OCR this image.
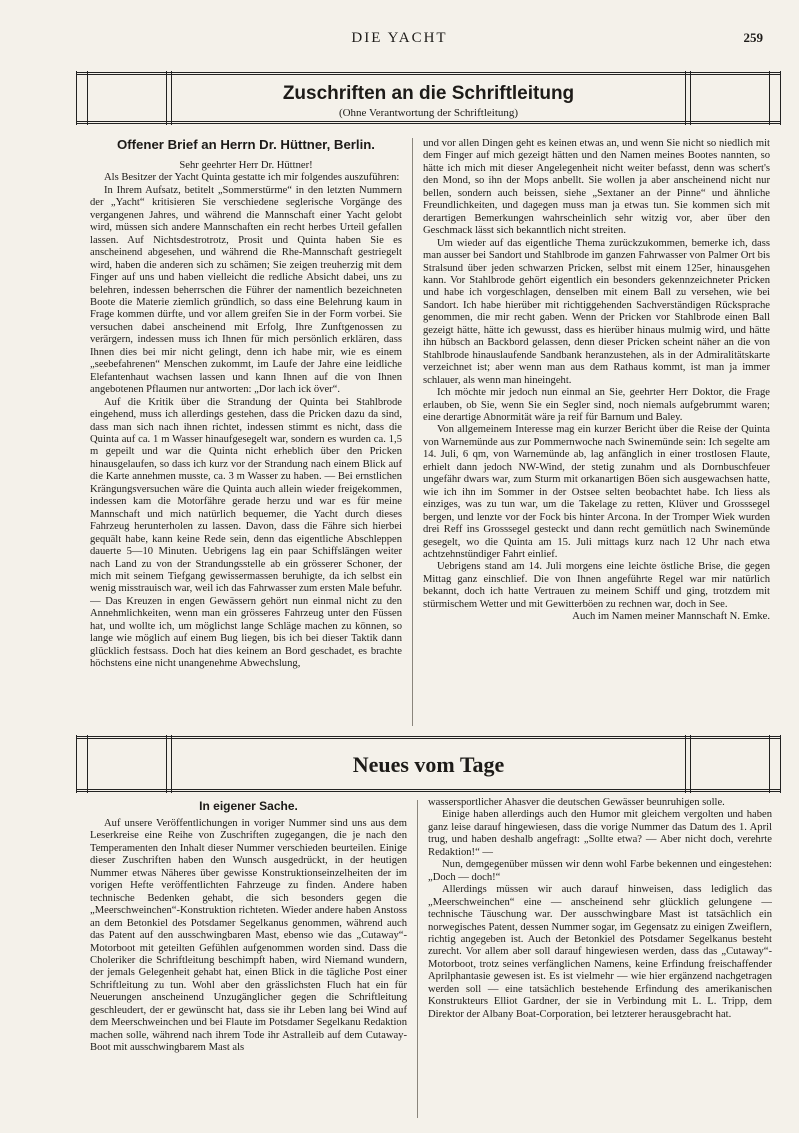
DIE YACHT	259
Zuschriften an die Schriftleitung
(Ohne Verantwortung der Schriftleitung)
Offener Brief an Herrn Dr. Hüttner, Berlin.

Sehr geehrter Herr Dr. Hüttner!

Als Besitzer der Yacht Quinta gestatte ich mir folgendes auszuführen:

In Ihrem Aufsatz, betitelt „Sommerstürme“ in den letzten Nummern der „Yacht“ kritisieren Sie verschiedene seglerische Vorgänge des vergangenen Jahres, und während die Mannschaft einer Yacht gelobt wird, müssen sich andere Mannschaften ein recht herbes Urteil gefallen lassen. Auf Nichtsdestrotrotz, Prosit und Quinta haben Sie es anscheinend abgesehen, und während die Rhe-Mannschaft gestriegelt wird, haben die anderen sich zu schämen; Sie zeigen treuherzig mit dem Finger auf uns und haben vielleicht die redliche Absicht dabei, uns zu belehren, indessen beherrschen die Führer der namentlich bezeichneten Boote die Materie ziemlich gründlich, so dass eine Belehrung kaum in Frage kommen dürfte, und vor allem greifen Sie in der Form vorbei. Sie versuchen dabei anscheinend mit Erfolg, Ihre Zunftgenossen zu verärgern, indessen muss ich Ihnen für mich persönlich erklären, dass Ihnen dies bei mir nicht gelingt, denn ich habe mir, wie es einem „seebefahrenen“ Menschen zukommt, im Laufe der Jahre eine leidliche Elefantenhaut wachsen lassen und kann Ihnen auf die von Ihnen angebotenen Pflaumen nur antworten: „Dor lach ick över“.

Auf die Kritik über die Strandung der Quinta bei Stahlbrode eingehend, muss ich allerdings gestehen, dass die Pricken dazu da sind, dass man sich nach ihnen richtet, indessen stimmt es nicht, dass die Quinta auf ca. 1 m Wasser hinaufgesegelt war, sondern es wurden ca. 1,5 m gepeilt und war die Quinta nicht erheblich über den Pricken hinausgelaufen, so dass ich kurz vor der Strandung nach einem Blick auf die Karte annehmen musste, ca. 3 m Wasser zu haben. — Bei ernstlichen Krängungsversuchen wäre die Quinta auch allein wieder freigekommen, indessen kam die Motorfähre gerade herzu und war es für meine Mannschaft und mich natürlich bequemer, die Yacht durch dieses Fahrzeug herunterholen zu lassen. Davon, dass die Fähre sich hierbei gequält habe, kann keine Rede sein, denn das eigentliche Abschleppen dauerte 5—10 Minuten. Uebrigens lag ein paar Schiffslängen weiter nach Land zu von der Strandungsstelle ab ein grösserer Schoner, der mich mit seinem Tiefgang gewissermassen beruhigte, da ich selbst ein wenig misstrauisch war, weil ich das Fahrwasser zum ersten Male befuhr. — Das Kreuzen in engen Gewässern gehört nun einmal nicht zu den Annehmlichkeiten, wenn man ein grösseres Fahrzeug unter den Füssen hat, und wollte ich, um möglichst lange Schläge machen zu können, so lange wie möglich auf einem Bug liegen, bis ich bei dieser Taktik dann glücklich festsass. Doch hat dies keinem an Bord geschadet, es brachte höchstens eine nicht unangenehme Abwechslung,

und vor allen Dingen geht es keinen etwas an, und wenn Sie nicht so niedlich mit dem Finger auf mich gezeigt hätten und den Namen meines Bootes nannten, so hätte ich mich mit dieser Angelegenheit nicht weiter befasst, denn was schert's den Mond, so ihn der Mops anbellt. Sie wollen ja aber anscheinend nicht nur bellen, sondern auch beissen, siehe „Sextaner an der Pinne“ und ähnliche Freundlichkeiten, und dagegen muss man ja etwas tun. Sie kommen sich mit derartigen Bemerkungen wahrscheinlich sehr witzig vor, aber über den Geschmack lässt sich bekanntlich nicht streiten.

Um wieder auf das eigentliche Thema zurückzukommen, bemerke ich, dass man ausser bei Sandort und Stahlbrode im ganzen Fahrwasser von Palmer Ort bis Stralsund über jeden schwarzen Pricken, selbst mit einem 125er, hinausgehen kann. Vor Stahlbrode gehört eigentlich ein besonders gekennzeichneter Pricken und habe ich vorgeschlagen, denselben mit einem Ball zu versehen, wie bei Sandort. Ich habe hierüber mit richtiggehenden Sachverständigen Rücksprache genommen, die mir recht gaben. Wenn der Pricken vor Stahlbrode einen Ball gezeigt hätte, hätte ich gewusst, dass es hierüber hinaus mulmig wird, und hätte ihn hübsch an Backbord gelassen, denn dieser Pricken scheint näher an die von Stahlbrode hinauslaufende Sandbank heranzustehen, als in der Admiralitätskarte verzeichnet ist; aber wenn man aus dem Rathaus kommt, ist man ja immer schlauer, als wenn man hineingeht.

Ich möchte mir jedoch nun einmal an Sie, geehrter Herr Doktor, die Frage erlauben, ob Sie, wenn Sie ein Segler sind, noch niemals aufgebrummt waren; eine derartige Abnormität wäre ja reif für Barnum und Baley.

Von allgemeinem Interesse mag ein kurzer Bericht über die Reise der Quinta von Warnemünde aus zur Pommernwoche nach Swinemünde sein: Ich segelte am 14. Juli, 6 qm, von Warnemünde ab, lag anfänglich in einer trostlosen Flaute, erhielt dann jedoch NW-Wind, der stetig zunahm und als Dornbuschfeuer ungefähr dwars war, zum Sturm mit orkanartigen Böen sich ausgewachsen hatte, wie ich ihn im Sommer in der Ostsee selten beobachtet habe. Ich liess als einziges, was zu tun war, um die Takelage zu retten, Klüver und Grosssegel bergen, und lenzte vor der Fock bis hinter Arcona. In der Tromper Wiek wurden drei Reff ins Grosssegel gesteckt und dann recht gemütlich nach Swinemünde gesegelt, wo die Quinta am 15. Juli mittags kurz nach 12 Uhr nach etwa achtzehnstündiger Fahrt einlief.

Uebrigens stand am 14. Juli morgens eine leichte östliche Brise, die gegen Mittag ganz einschlief. Die von Ihnen angeführte Regel war mir natürlich bekannt, doch ich hatte Vertrauen zu meinem Schiff und ging, trotzdem mit stürmischem Wetter und mit Gewitterböen zu rechnen war, doch in See.

Auch im Namen meiner Mannschaft N. Emke.

Neues vom Tage
In eigener Sache.

Auf unsere Veröffentlichungen in voriger Nummer sind uns aus dem Leserkreise eine Reihe von Zuschriften zugegangen, die je nach den Temperamenten den Inhalt dieser Nummer verschieden beurteilen. Einige dieser Zuschriften haben den Wunsch ausgedrückt, in der heutigen Nummer etwas Näheres über gewisse Konstruktionseinzelheiten der im vorigen Hefte veröffentlichten Fahrzeuge zu finden. Andere haben technische Bedenken gehabt, die sich besonders gegen die „Meerschweinchen“-Konstruktion richteten. Wieder andere haben Anstoss an dem Betonkiel des Potsdamer Segelkanus genommen, während auch das Patent auf den ausschwingbaren Mast, ebenso wie das „Cutaway“-Motorboot mit geteilten Gefühlen aufgenommen worden sind. Dass die Choleriker die Schriftleitung beschimpft haben, wird Niemand wundern, der jemals Gelegenheit gehabt hat, einen Blick in die tägliche Post einer Schriftleitung zu tun. Wohl aber den grässlichsten Fluch hat ein für Neuerungen anscheinend Unzugänglicher gegen die Schriftleitung geschleudert, der er gewünscht hat, dass sie ihr Leben lang bei Wind auf dem Meerschweinchen und bei Flaute im Potsdamer Segelkanu Redaktion machen solle, während nach ihrem Tode ihr Astralleib auf dem Cutaway-Boot mit ausschwingbarem Mast als

wassersportlicher Ahasver die deutschen Gewässer beunruhigen solle.

Einige haben allerdings auch den Humor mit gleichem vergolten und haben ganz leise darauf hingewiesen, dass die vorige Nummer das Datum des 1. April trug, und haben deshalb angefragt: „Sollte etwa? — Aber nicht doch, verehrte Redaktion!“ —

Nun, demgegenüber müssen wir denn wohl Farbe bekennen und eingestehen: „Doch — doch!“

Allerdings müssen wir auch darauf hinweisen, dass lediglich das „Meerschweinchen“ eine — anscheinend sehr glücklich gelungene — technische Täuschung war. Der ausschwingbare Mast ist tatsächlich ein norwegisches Patent, dessen Nummer sogar, im Gegensatz zu einigen Zweiflern, richtig angegeben ist. Auch der Betonkiel des Potsdamer Segelkanus besteht zurecht. Vor allem aber soll darauf hingewiesen werden, dass das „Cutaway“-Motorboot, trotz seines verfänglichen Namens, keine Erfindung freischaffender Aprilphantasie gewesen ist. Es ist vielmehr — wie hier ergänzend nachgetragen werden soll — eine tatsächlich bestehende Erfindung des amerikanischen Konstrukteurs Elliot Gardner, der sie in Verbindung mit L. L. Tripp, dem Direktor der Albany Boat-Corporation, bei letzterer herausgebracht hat.
